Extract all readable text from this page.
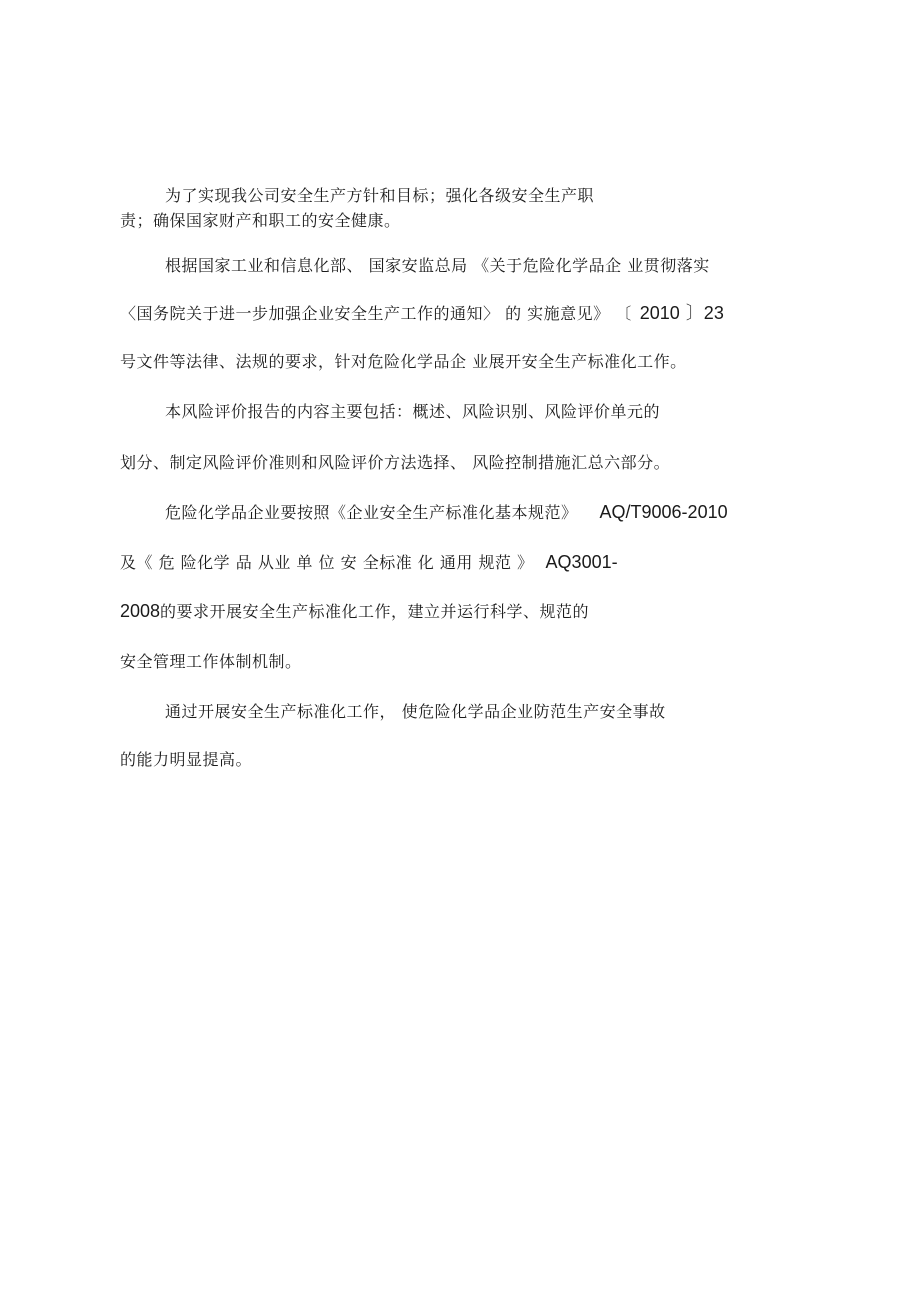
为了实现我公司安全生产方针和目标；强化各级安全生产职
责；确保国家财产和职工的安全健康。
根据国家工业和信息化部、 国家安监总局 《关于危险化学品企 业贯彻落实
〈国务院关于进一步加强企业安全生产工作的通知〉 的 实施意见》 〔 2010 〕23
号文件等法律、法规的要求，针对危险化学品企 业展开安全生产标准化工作。
本风险评价报告的内容主要包括：概述、风险识别、风险评价单元的
划分、制定风险评价准则和风险评价方法选择、 风险控制措施汇总六部分。
危险化学品企业要按照《企业安全生产标准化基本规范》 AQ/T9006-2010
及《 危 险化学 品 从业 单 位 安 全标准 化 通用 规范 》 AQ3001-
2008的要求开展安全生产标准化工作，建立并运行科学、规范的
安全管理工作体制机制。
通过开展安全生产标准化工作， 使危险化学品企业防范生产安全事故
的能力明显提高。
